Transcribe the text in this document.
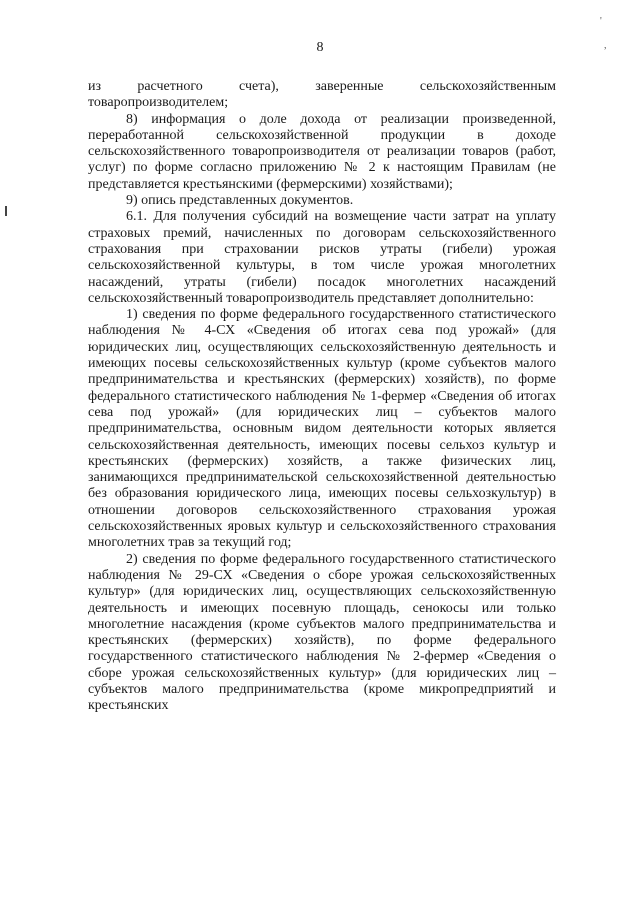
8
'
,

из расчетного счета), заверенные сельскохозяйственным товаропроизводителем;

8) информация о доле дохода от реализации произведенной, переработанной сельскохозяйственной продукции в доходе сельскохозяйственного товаропроизводителя от реализации товаров (работ, услуг) по форме согласно приложению № 2 к настоящим Правилам (не представляется крестьянскими (фермерскими) хозяйствами);

9) опись представленных документов.

6.1. Для получения субсидий на возмещение части затрат на уплату страховых премий, начисленных по договорам сельскохозяйственного страхования при страховании рисков утраты (гибели) урожая сельскохозяйственной культуры, в том числе урожая многолетних насаждений, утраты (гибели) посадок многолетних насаждений сельскохозяйственный товаропроизводитель представляет дополнительно:

1) сведения по форме федерального государственного статистического наблюдения № 4-СХ «Сведения об итогах сева под урожай» (для юридических лиц, осуществляющих сельскохозяйственную деятельность и имеющих посевы сельскохозяйственных культур (кроме субъектов малого предпринимательства и крестьянских (фермерских) хозяйств), по форме федерального статистического наблюдения № 1-фермер «Сведения об итогах сева под урожай» (для юридических лиц – субъектов малого предпринимательства, основным видом деятельности которых является сельскохозяйственная деятельность, имеющих посевы сельхоз культур и крестьянских (фермерских) хозяйств, а также физических лиц, занимающихся предпринимательской сельскохозяйственной деятельностью без образования юридического лица, имеющих посевы сельхозкультур) в отношении договоров сельскохозяйственного страхования урожая сельскохозяйственных яровых культур и сельскохозяйственного страхования многолетних трав за текущий год;

2) сведения по форме федерального государственного статистического наблюдения № 29-СХ «Сведения о сборе урожая сельскохозяйственных культур» (для юридических лиц, осуществляющих сельскохозяйственную деятельность и имеющих посевную площадь, сенокосы или только многолетние насаждения (кроме субъектов малого предпринимательства и крестьянских (фермерских) хозяйств), по форме федерального государственного статистического наблюдения № 2-фермер «Сведения о сборе урожая сельскохозяйственных культур» (для юридических лиц – субъектов малого предпринимательства (кроме микропредприятий и крестьянских
